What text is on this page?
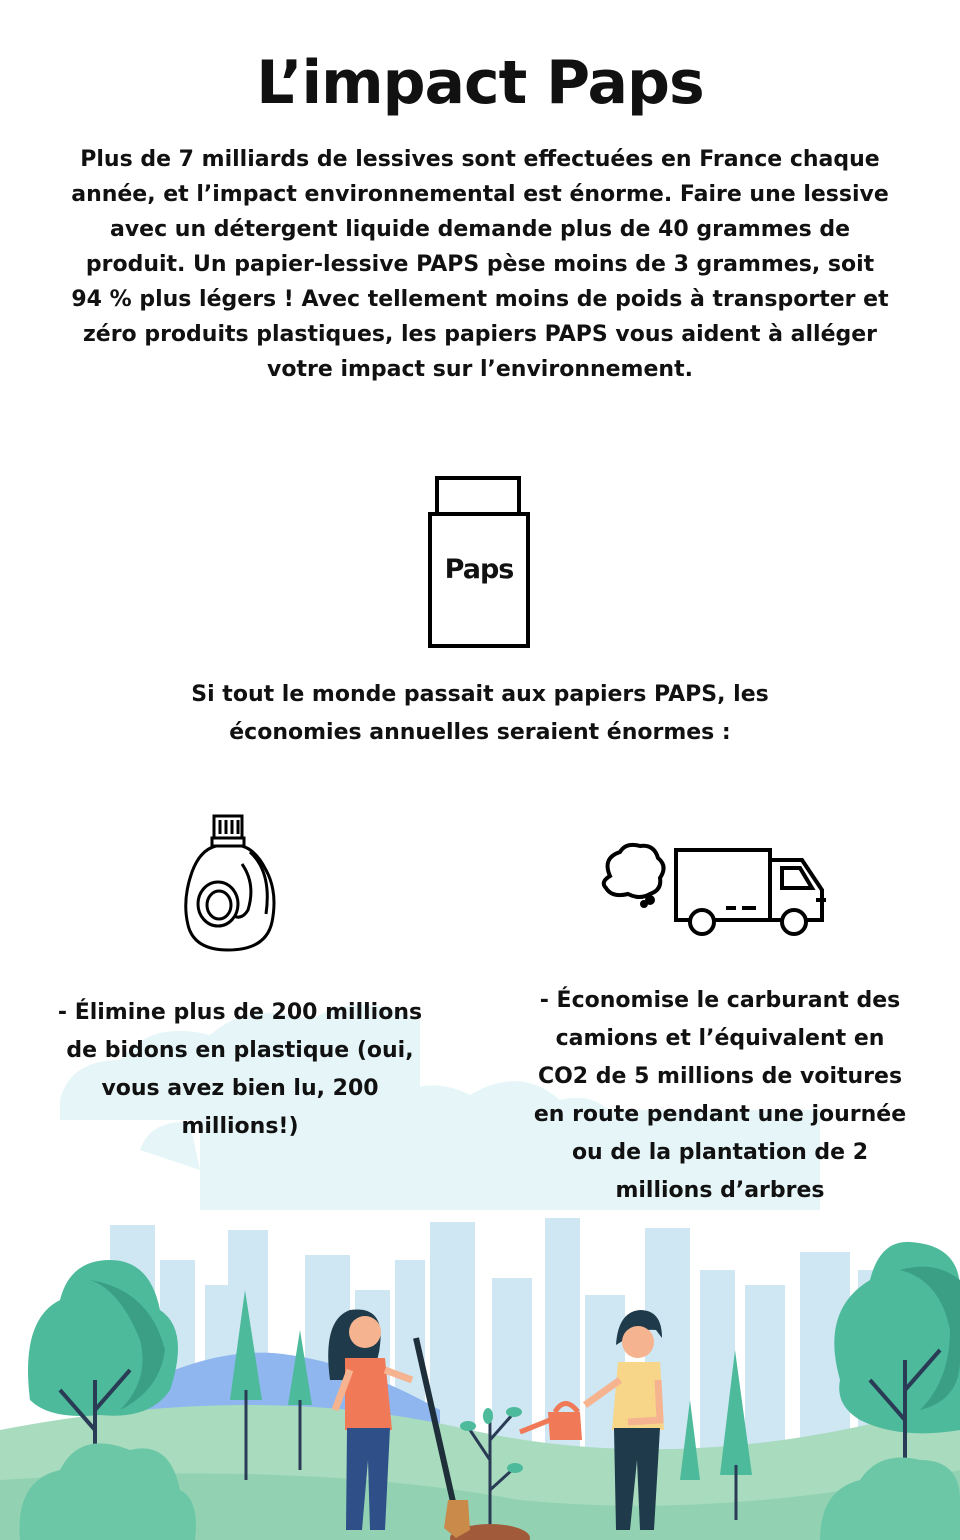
L’impact Paps

Plus de 7 milliards de lessives sont effectuées en France chaque année, et l’impact environnemental est énorme. Faire une lessive avec un détergent liquide demande plus de 40 grammes de produit. Un papier-lessive PAPS pèse moins de 3 grammes, soit 94 % plus légers ! Avec tellement moins de poids à transporter et zéro produits plastiques, les papiers PAPS vous aident à alléger votre impact sur l’environnement.

Paps

Si tout le monde passait aux papiers PAPS, les économies annuelles seraient énormes :

- Élimine plus de 200 millions de bidons en plastique (oui, vous avez bien lu, 200 millions!)

- Économise le carburant des camions et l’équivalent en CO2 de 5 millions de voitures en route pendant une journée ou de la plantation de 2 millions d’arbres
